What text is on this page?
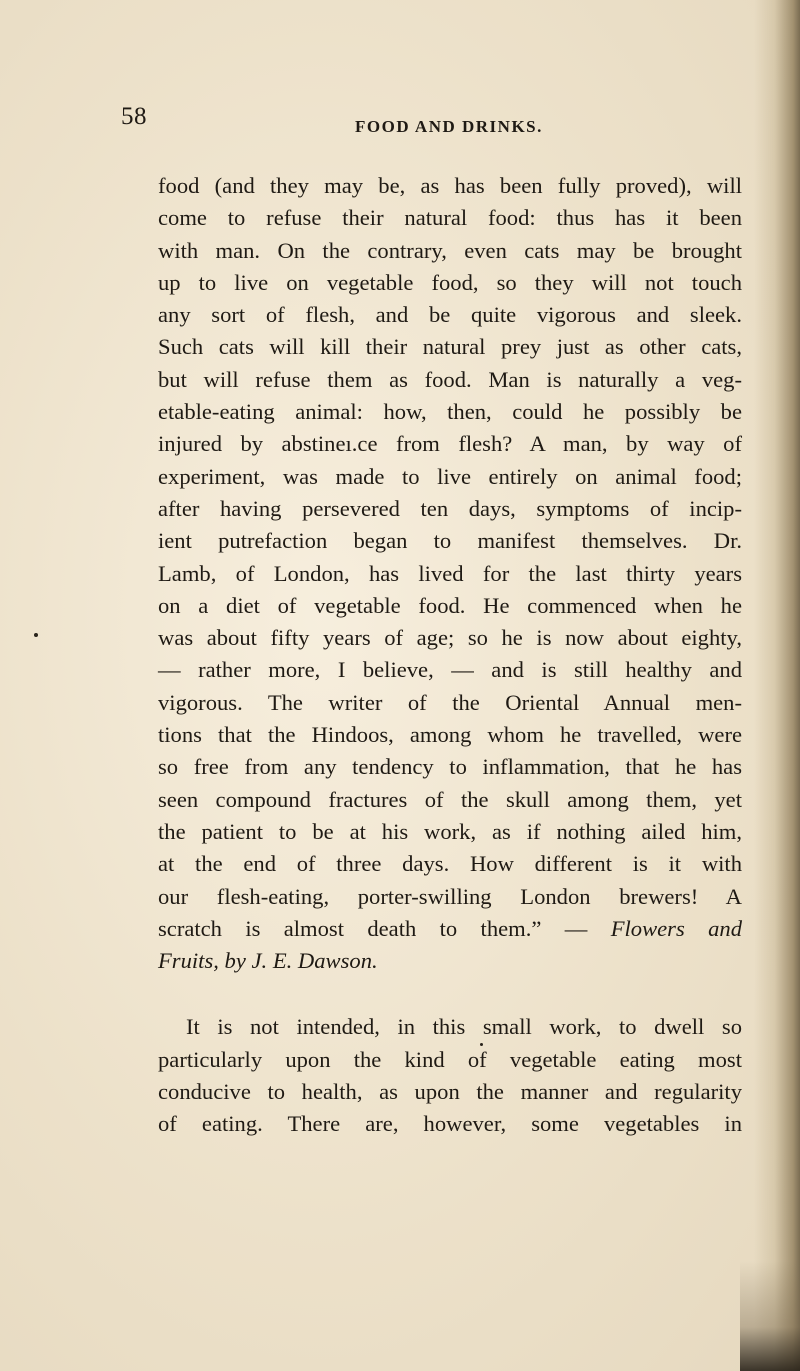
58	FOOD AND DRINKS.
food (and they may be, as has been fully proved), will
come to refuse their natural food: thus has it been
with man. On the contrary, even cats may be brought
up to live on vegetable food, so they will not touch
any sort of flesh, and be quite vigorous and sleek.
Such cats will kill their natural prey just as other cats,
but will refuse them as food. Man is naturally a veg-
etable-eating animal: how, then, could he possibly be
injured by abstineı.ce from flesh? A man, by way of
experiment, was made to live entirely on animal food;
after having persevered ten days, symptoms of incip-
ient putrefaction began to manifest themselves. Dr.
Lamb, of London, has lived for the last thirty years
on a diet of vegetable food. He commenced when he
was about fifty years of age; so he is now about eighty,
— rather more, I believe, — and is still healthy and
vigorous. The writer of the Oriental Annual men-
tions that the Hindoos, among whom he travelled, were
so free from any tendency to inflammation, that he has
seen compound fractures of the skull among them, yet
the patient to be at his work, as if nothing ailed him,
at the end of three days. How different is it with
our flesh-eating, porter-swilling London brewers! A
scratch is almost death to them.” — Flowers and
Fruits, by J. E. Dawson.
It is not intended, in this small work, to dwell so
particularly upon the kind of vegetable eating most
conducive to health, as upon the manner and regularity
of eating. There are, however, some vegetables in
